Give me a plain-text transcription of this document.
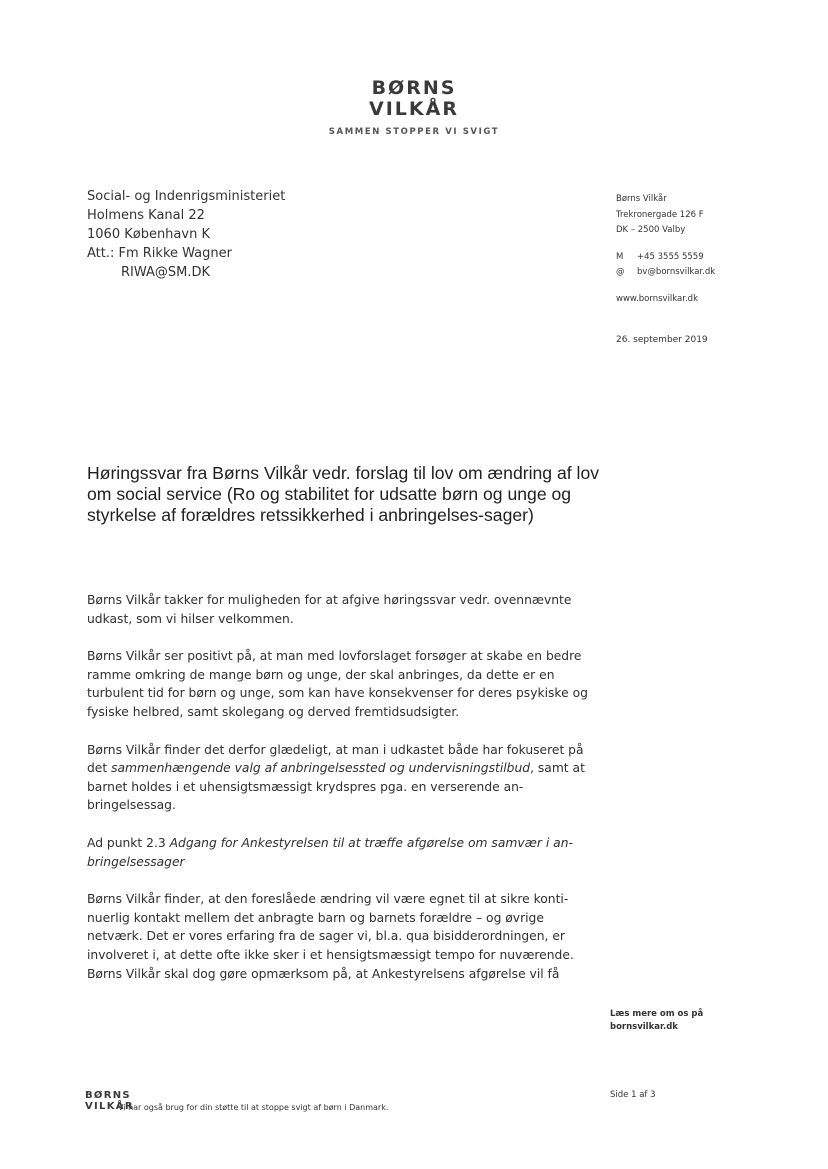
BØRNS
VILKÅR
SAMMEN STOPPER VI SVIGT
Social- og Indenrigsministeriet
Holmens Kanal 22
1060 København K
Att.: Fm Rikke Wagner
RIWA@SM.DK
Børns Vilkår
Trekronergade 126 F
DK – 2500 Valby
M +45 3555 5559
@ bv@bornsvilkar.dk
www.bornsvilkar.dk
26. september 2019
Høringssvar fra Børns Vilkår vedr. forslag til lov om ændring af lov om social service (Ro og stabilitet for udsatte børn og unge og styrkelse af forældres retssikkerhed i anbringelses-sager)

Børns Vilkår takker for muligheden for at afgive høringssvar vedr. ovennævnte udkast, som vi hilser velkommen.

Børns Vilkår ser positivt på, at man med lovforslaget forsøger at skabe en bedre ramme omkring de mange børn og unge, der skal anbringes, da dette er en turbulent tid for børn og unge, som kan have konsekvenser for deres psykiske og fysiske helbred, samt skolegang og derved fremtidsudsigter.

Børns Vilkår finder det derfor glædeligt, at man i udkastet både har fokuseret på det sammenhængende valg af anbringelsessted og undervisningstilbud, samt at barnet holdes i et uhensigtsmæssigt krydspres pga. en verserende an-bringelsessag.

Ad punkt 2.3 Adgang for Ankestyrelsen til at træffe afgørelse om samvær i an-bringelsessager

Børns Vilkår finder, at den foreslåede ændring vil være egnet til at sikre konti-nuerlig kontakt mellem det anbragte barn og barnets forældre – og øvrige netværk. Det er vores erfaring fra de sager vi, bl.a. qua bisidderordningen, er involveret i, at dette ofte ikke sker i et hensigtsmæssigt tempo for nuværende. Børns Vilkår skal dog gøre opmærksom på, at Ankestyrelsens afgørelse vil få

Læs mere om os på
bornsvilkar.dk
BØRNS
VILKÅR
Vi har også brug for din støtte til at stoppe svigt af børn i Danmark.
Side 1 af 3
